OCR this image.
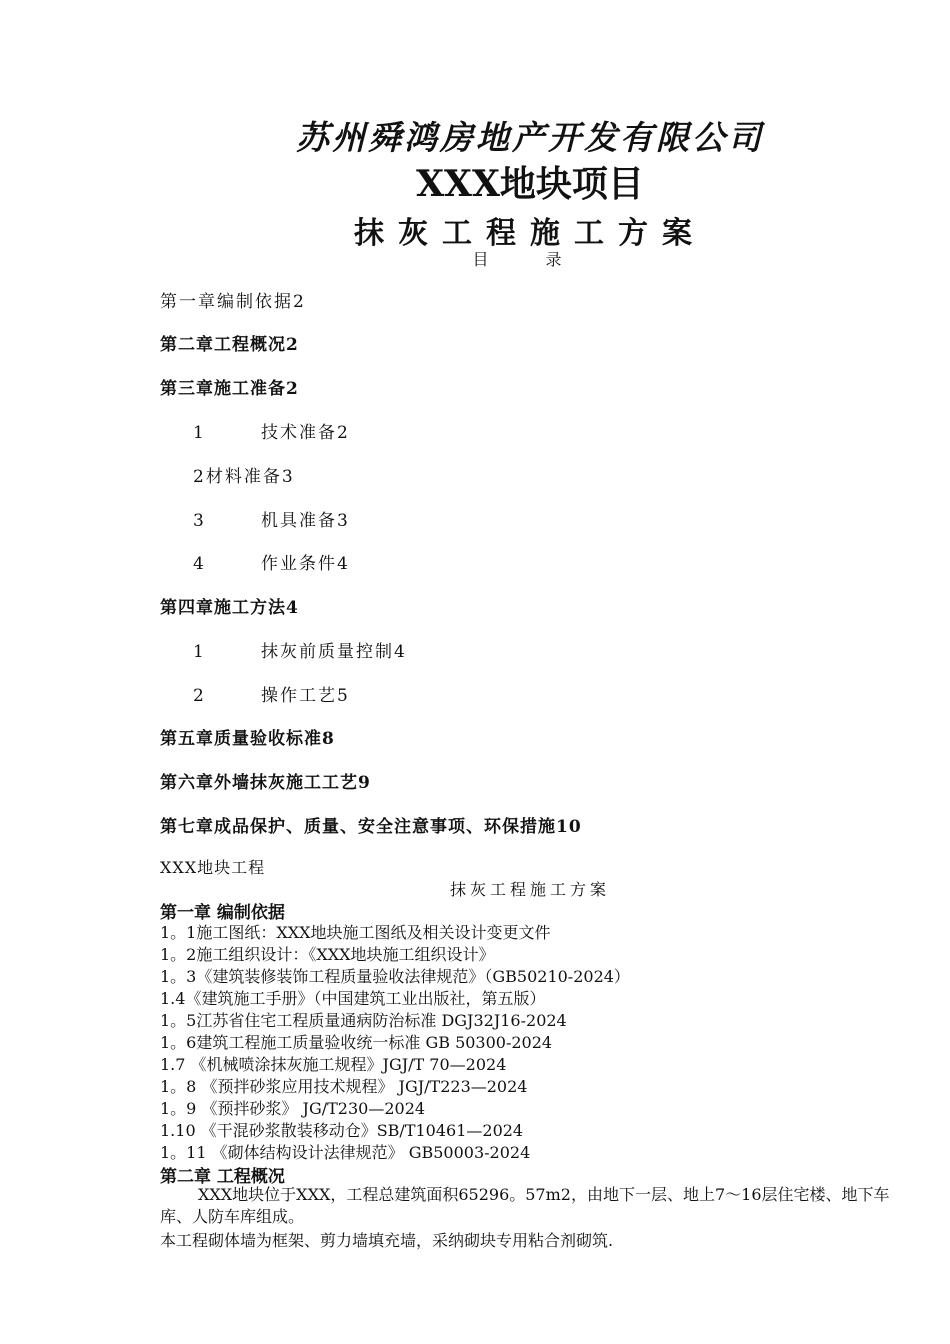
苏州舜鸿房地产开发有限公司
XXX地块项目
抹灰工程施工方案
目 录
第一章编制依据2
第二章工程概况2
第三章施工准备2
1	技术准备2
2材料准备3
3	机具准备3
4	作业条件4
第四章施工方法4
1	抹灰前质量控制4
2	操作工艺5
第五章质量验收标准8
第六章外墙抹灰施工工艺9
第七章成品保护、质量、安全注意事项、环保措施10
XXX地块工程
抹灰工程施工方案
第一章 编制依据
1。1施工图纸：XXX地块施工图纸及相关设计变更文件
1。2施工组织设计：《XXX地块施工组织设计》
1。3《建筑装修装饰工程质量验收法律规范》（GB50210-2024）
1.4《建筑施工手册》（中国建筑工业出版社，第五版）
1。5江苏省住宅工程质量通病防治标准 DGJ32J16-2024
1。6建筑工程施工质量验收统一标准 GB 50300-2024
1.7 《机械喷涂抹灰施工规程》JGJ/T 70—2024
1。8 《预拌砂浆应用技术规程》 JGJ/T223—2024
1。9 《预拌砂浆》 JG/T230—2024
1.10 《干混砂浆散装移动仓》SB/T10461—2024
1。11 《砌体结构设计法律规范》 GB50003-2024
第二章 工程概况
XXX地块位于XXX，工程总建筑面积65296。57m2，由地下一层、地上7～16层住宅楼、地下车库、人防车库组成。
本工程砌体墙为框架、剪力墙填充墙，采纳砌块专用粘合剂砌筑.
